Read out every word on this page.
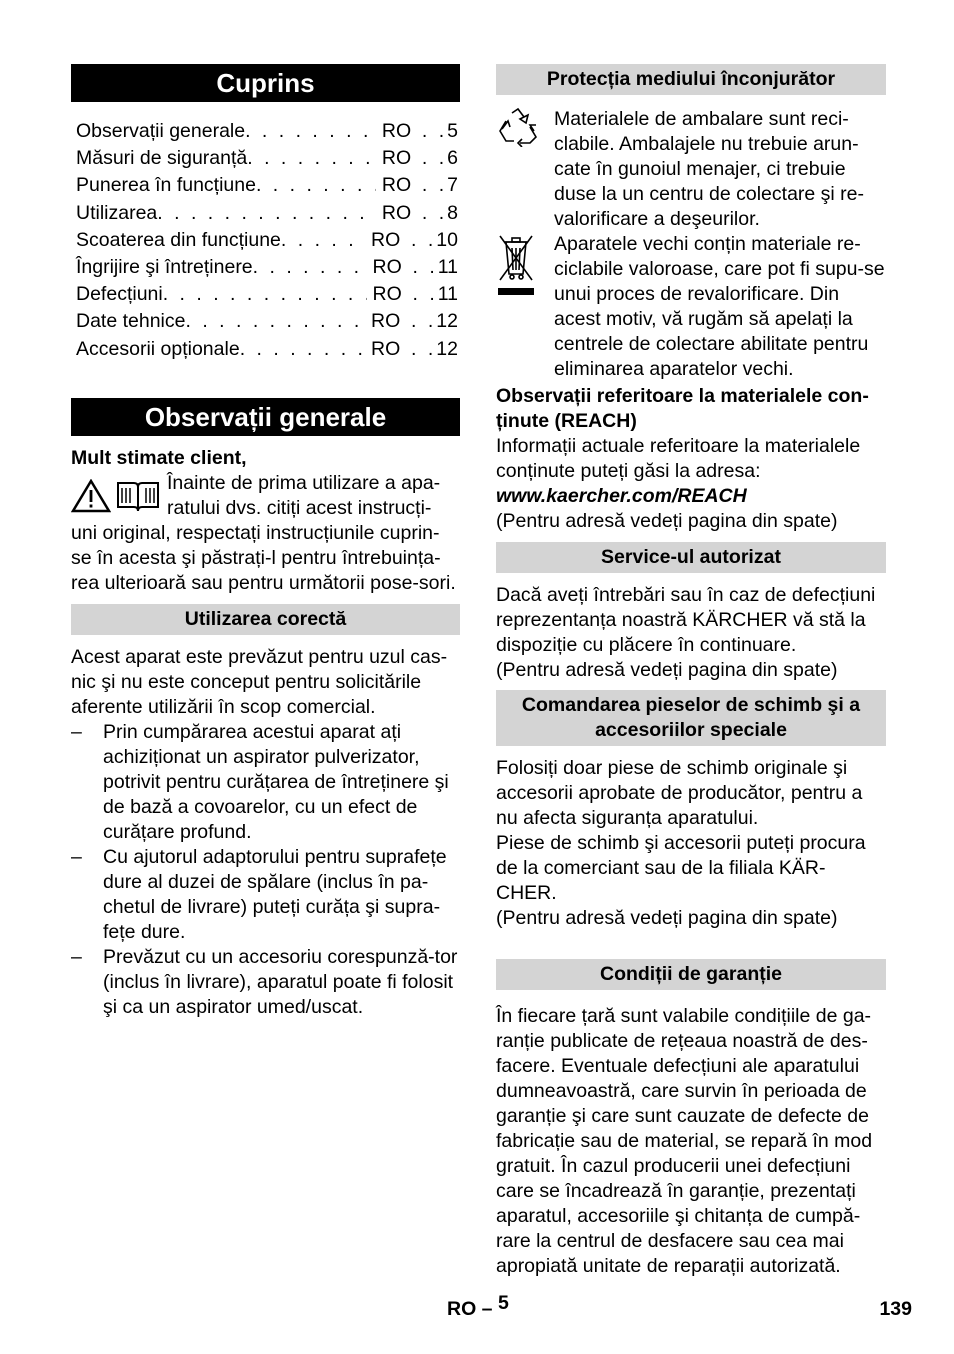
Cuprins
Observații generale . . .	RO . . .	5
Măsuri de siguranță . . .	RO . . .	6
Punerea în funcțiune . . .	RO . . .	7
Utilizarea . . .	RO . . .	8
Scoaterea din funcțiune . . .	RO . . .	10
Îngrijire şi întreținere . . .	RO . . .	11
Defecțiuni . . .	RO . . .	11
Date tehnice . . .	RO . . .	12
Accesorii opționale . . .	RO . . .	12
Observații generale

Mult stimate client,

Înainte de prima utilizare a apa-
ratului dvs. citiți acest instrucți-

uni original, respectați instrucțiunile cuprin-se în acesta şi păstrați-l pentru întrebuința-rea ulterioară sau pentru următorii pose-sori.

Utilizarea corectă

Acest aparat este prevăzut pentru uzul cas-nic şi nu este conceput pentru solicitările aferente utilizării în scop comercial.

– Prin cumpărarea acestui aparat ați achiziționat un aspirator pulverizator, potrivit pentru curățarea de întreținere şi de bază a covoarelor, cu un efect de curățare profund.
– Cu ajutorul adaptorului pentru suprafețe dure al duzei de spălare (inclus în pa-chetul de livrare) puteți curăța şi supra-fețe dure.
– Prevăzut cu un accesoriu corespunză-tor (inclus în livrare), aparatul poate fi folosit şi ca un aspirator umed/uscat.
Protecția mediului înconjurător

Materialele de ambalare sunt reci-clabile. Ambalajele nu trebuie arun-cate în gunoiul menajer, ci trebuie duse la un centru de colectare şi re-valorificare a deşeurilor.

Aparatele vechi conțin materiale re-ciclabile valoroase, care pot fi supu-se unui proces de revalorificare. Din acest motiv, vă rugăm să apelați la centrele de colectare abilitate pentru eliminarea aparatelor vechi.

Observații referitoare la materialele con-ținute (REACH)

Informații actuale referitoare la materialele conținute puteți găsi la adresa:

www.kaercher.com/REACH

(Pentru adresă vedeți pagina din spate)

Service-ul autorizat

Dacă aveți întrebări sau în caz de defecțiuni reprezentanța noastră KÄRCHER vă stă la dispoziție cu plăcere în continuare.

(Pentru adresă vedeți pagina din spate)

Comandarea pieselor de schimb şi a accesoriilor speciale

Folosiți doar piese de schimb originale şi accesorii aprobate de producător, pentru a nu afecta siguranța aparatului.

Piese de schimb şi accesorii puteți procura de la comerciant sau de la filiala KÄR-CHER.

(Pentru adresă vedeți pagina din spate)

Condiții de garanție

În fiecare țară sunt valabile condițiile de ga-ranție publicate de rețeaua noastră de des-facere. Eventuale defecțiuni ale aparatului dumneavoastră, care survin în perioada de garanție şi care sunt cauzate de defecte de fabricație sau de material, se repară în mod gratuit. În cazul producerii unei defecțiuni care se încadrează în garanție, prezentați aparatul, accesoriile şi chitanța de cumpă-rare la centrul de desfacere sau cea mai apropiată unitate de reparații autorizată.

RO – 5	139
